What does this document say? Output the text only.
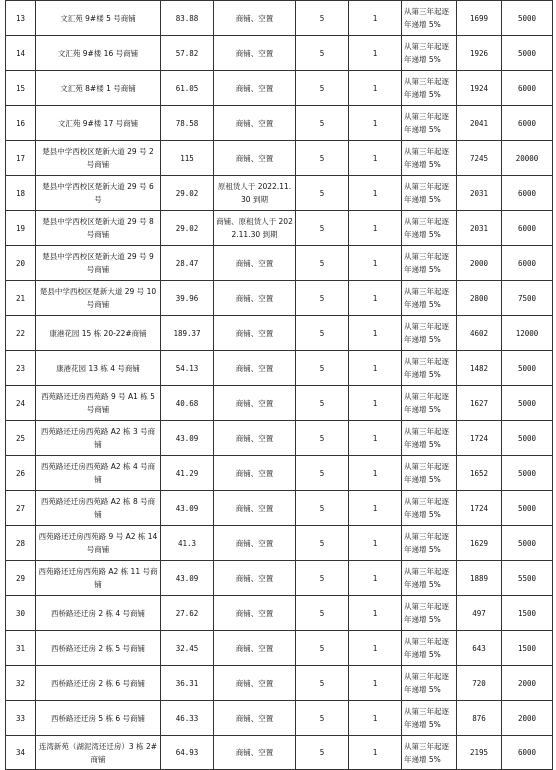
13	文汇苑 9#楼 5 号商铺	83.88	商铺、空置	5	1	从第三年起逐年递增 5%	1699	5000
14	文汇苑 9#楼 16 号商铺	57.82	商铺、空置	5	1	从第三年起逐年递增 5%	1926	5000
15	文汇苑 8#楼 1 号商铺	61.05	商铺、空置	5	1	从第三年起逐年递增 5%	1924	6000
16	文汇苑 9#楼 17 号商铺	78.58	商铺、空置	5	1	从第三年起逐年递增 5%	2041	6000
17	楚县中学西校区楚新大道 29 号 2 号商铺	115	商铺、空置	5	1	从第三年起逐年递增 5%	7245	20000
18	楚县中学西校区楚新大道 29 号 6 号	29.02	原租赁人于 2022.11.30 到期	5	1	从第三年起逐年递增 5%	2031	6000
19	楚县中学西校区楚新大道 29 号 8 号商铺	29.02	商铺、原租赁人于 2022.11.30 到期	5	1	从第三年起逐年递增 5%	2031	6000
20	楚县中学西校区楚新大道 29 号 9 号商铺	28.47	商铺、空置	5	1	从第三年起逐年递增 5%	2000	6000
21	楚县中学西校区楚新大道 29 号 10 号商铺	39.96	商铺、空置	5	1	从第三年起逐年递增 5%	2800	7500
22	康港花园 15 栋 20-22#商铺	189.37	商铺、空置	5	1	从第三年起逐年递增 5%	4602	12000
23	康港花园 13 栋 4 号商铺	54.13	商铺、空置	5	1	从第三年起逐年递增 5%	1482	5000
24	西苑路还迁房西苑路 9 号 A1 栋 5 号商铺	40.68	商铺、空置	5	1	从第三年起逐年递增 5%	1627	5000
25	西苑路还迁房西苑路 A2 栋 3 号商铺	43.09	商铺、空置	5	1	从第三年起逐年递增 5%	1724	5000
26	西苑路还迁房西苑路 A2 栋 4 号商铺	41.29	商铺、空置	5	1	从第三年起逐年递增 5%	1652	5000
27	西苑路还迁房西苑路 A2 栋 8 号商铺	43.09	商铺、空置	5	1	从第三年起逐年递增 5%	1724	5000
28	西苑路还迁房西苑路 9 号 A2 栋 14 号商铺	41.3	商铺、空置	5	1	从第三年起逐年递增 5%	1629	5000
29	西苑路还迁房西苑路 A2 栋 11 号商铺	43.09	商铺、空置	5	1	从第三年起逐年递增 5%	1889	5500
30	西桥路还迁房 2 栋 4 号商铺	27.62	商铺、空置	5	1	从第三年起逐年递增 5%	497	1500
31	西桥路还迁房 2 栋 5 号商铺	32.45	商铺、空置	5	1	从第三年起逐年递增 5%	643	1500
32	西桥路还迁房 2 栋 6 号商铺	36.31	商铺、空置	5	1	从第三年起逐年递增 5%	720	2000
33	西桥路还迁房 5 栋 6 号商铺	46.33	商铺、空置	5	1	从第三年起逐年递增 5%	876	2000
34	连湾新苑（湖泥湾还迁房）3 栋 2#商铺	64.93	商铺、空置	5	1	从第三年起逐年递增 5%	2195	6000
